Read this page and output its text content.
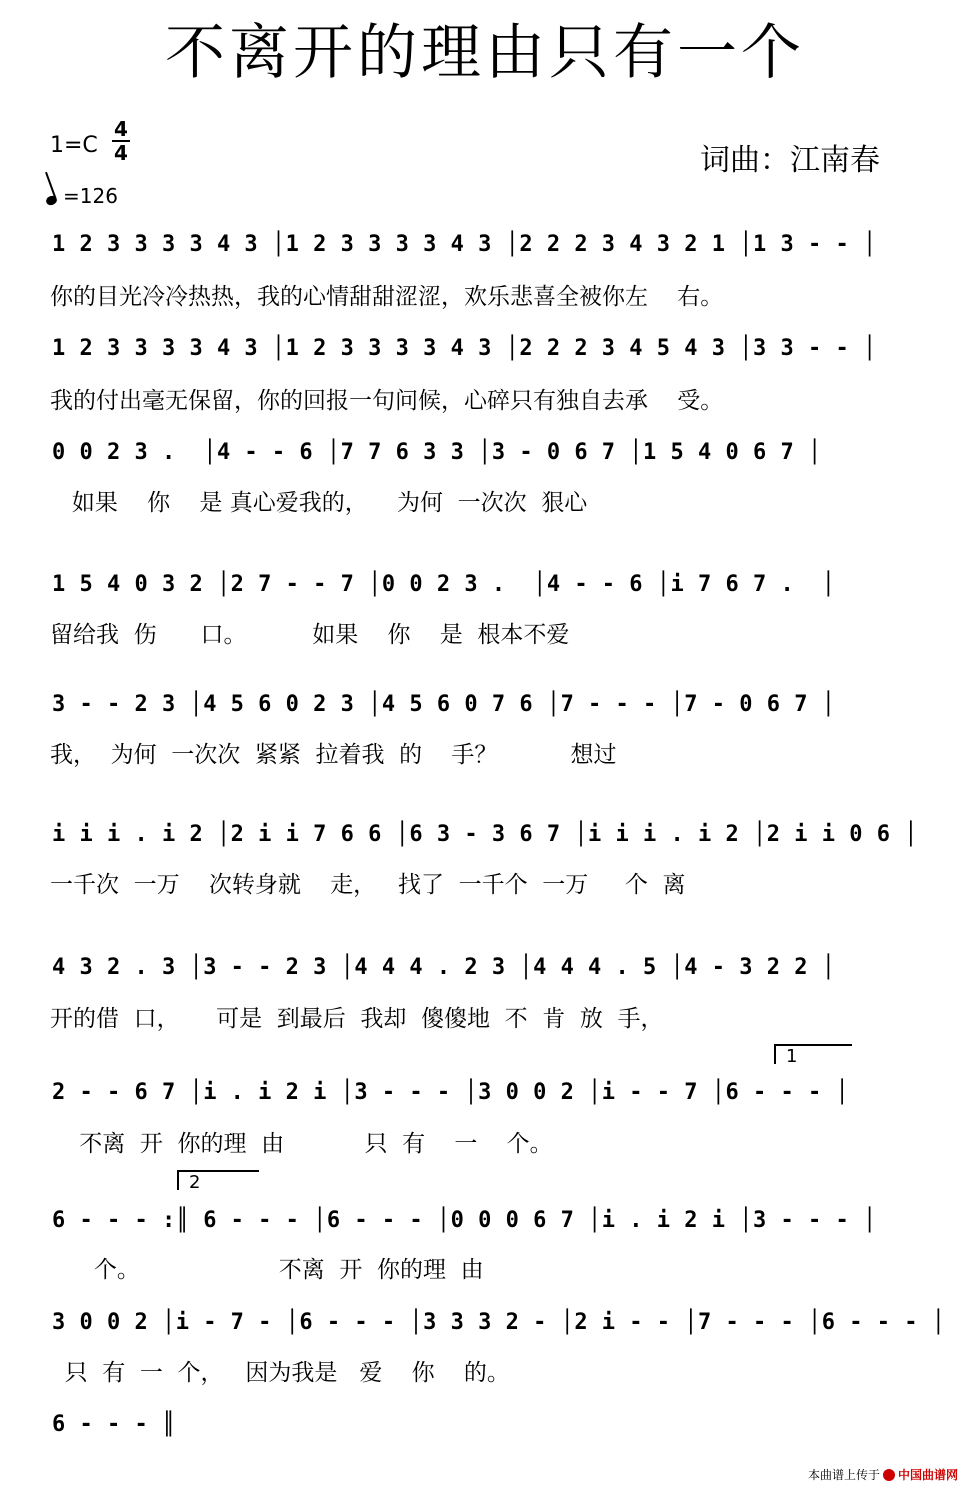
不离开的理由只有一个
1=C
4
4
=126
词曲：江南春
1 2 3 3 3 3 4 3 │1 2 3 3 3 3 4 3 │2 2 2 3 4 3 2 1 │1 3 - - │
你的目光冷冷热热，我的心情甜甜涩涩，欢乐悲喜全被你左    右。
1 2 3 3 3 3 4 3 │1 2 3 3 3 3 4 3 │2 2 2 3 4 5 4 3 │3 3 - - │
我的付出毫无保留，你的回报一句问候，心碎只有独自去承    受。
0 0 2 3 .  │4 - - 6 │7 7 6 3 3 │3 - 0 6 7 │1 5 4 0 6 7 │
如果    你    是 真心爱我的，    为何  一次次  狠心
1 5 4 0 3 2 │2 7 - - 7 │0 0 2 3 .  │4 - - 6 │i 7 6 7 .  │
留给我  伤      口。         如果    你    是  根本不爱
3 - - 2 3 │4 5 6 0 2 3 │4 5 6 0 7 6 │7 - - - │7 - 0 6 7 │
我，  为何  一次次  紧紧  拉着我  的    手？          想过
i i i . i 2 │2 i i 7 6 6 │6 3 - 3 6 7 │i i i . i 2 │2 i i 0 6 │
一千次  一万    次转身就    走，   找了  一千个  一万     个  离
4 3 2 . 3 │3 - - 2 3 │4 4 4 . 2 3 │4 4 4 . 5 │4 - 3 2 2 │
开的借  口，     可是  到最后  我却  傻傻地  不  肯  放  手，
1
2 - - 6 7 │i . i 2 i │3 - - - │3 0 0 2 │i - - 7 │6 - - - │
不离  开  你的理  由           只  有    一    个。
2
6 - - - :║ 6 - - - │6 - - - │0 0 0 6 7 │i . i 2 i │3 - - - │
个。                   不离  开  你的理  由
3 0 0 2 │i - 7 - │6 - - - │3 3 3 2 - │2 i - - │7 - - - │6 - - - │
只  有  一  个，   因为我是   爱    你    的。
6 - - - ║
本曲谱上传于 中国曲谱网
